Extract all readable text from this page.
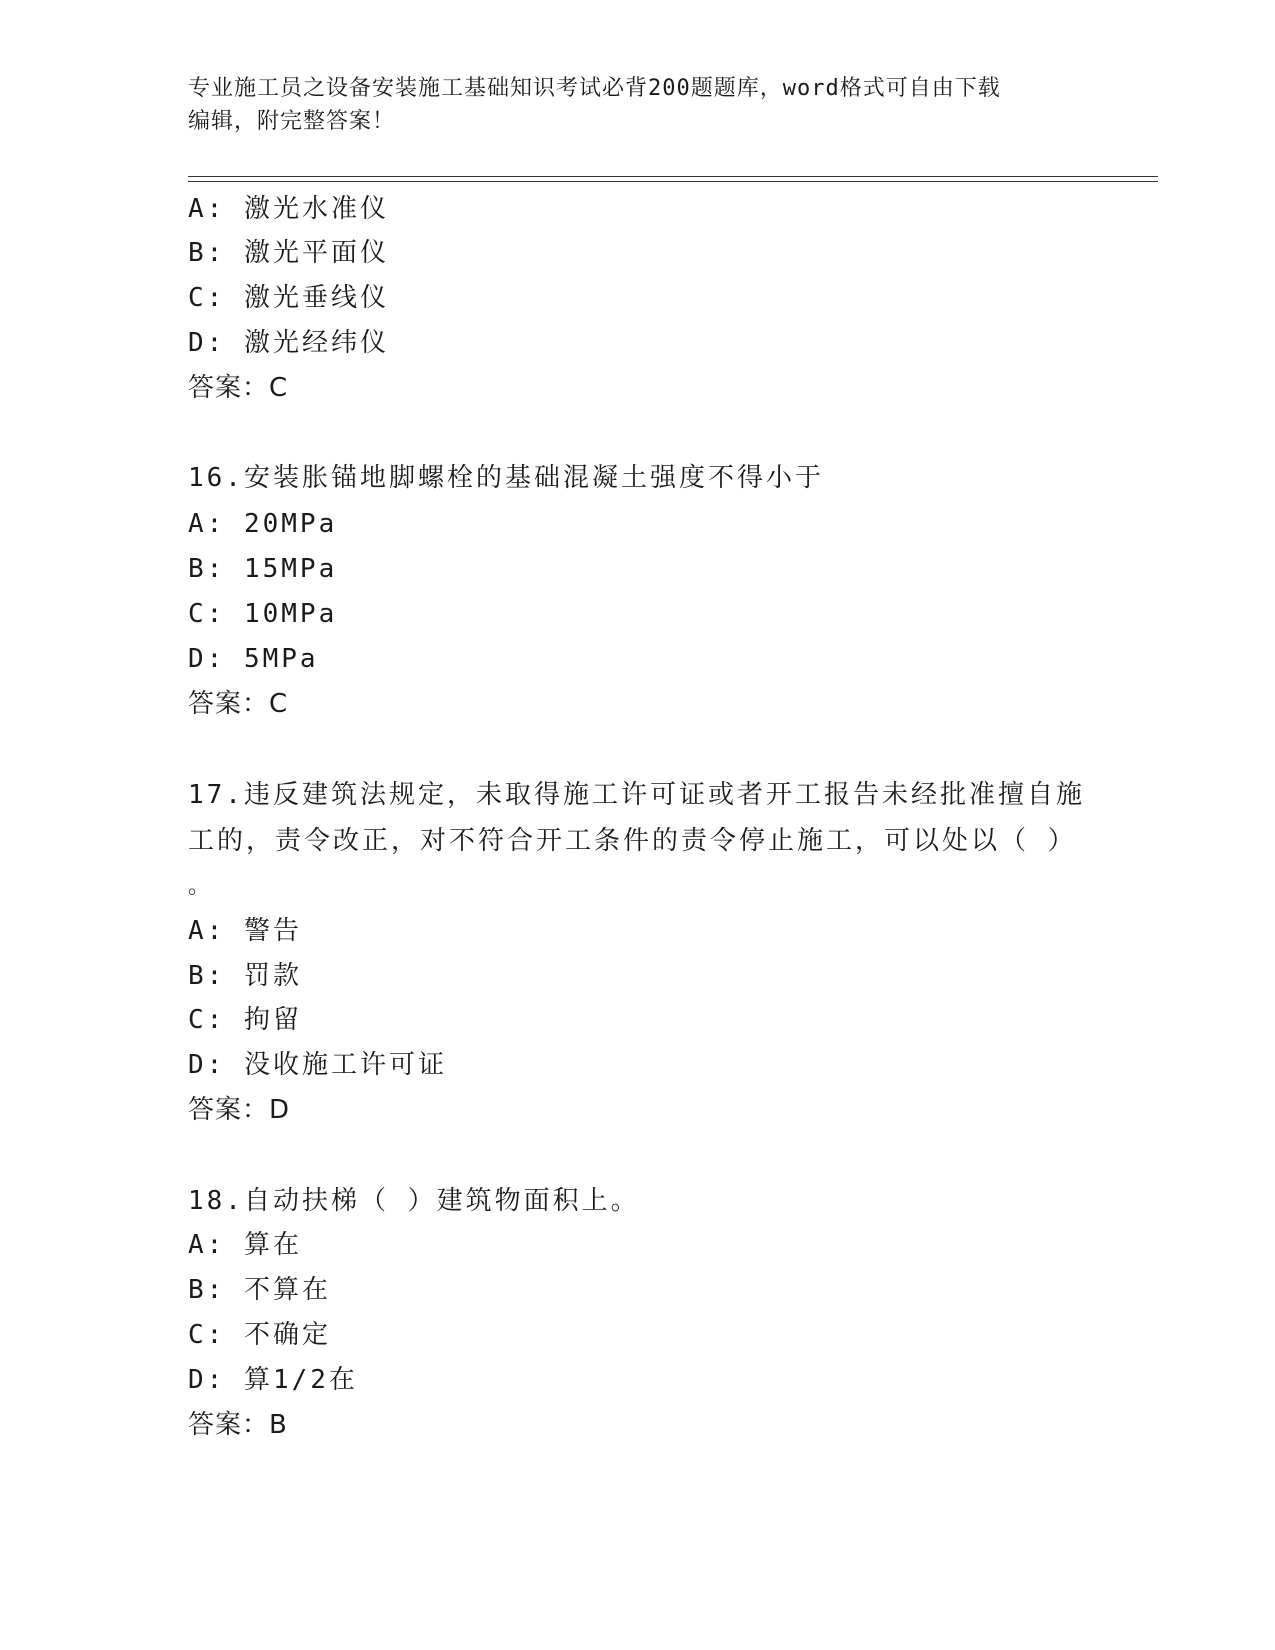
专业施工员之设备安装施工基础知识考试必背200题题库，word格式可自由下载
编辑，附完整答案！
A: 激光水准仪
B: 激光平面仪
C: 激光垂线仪
D: 激光经纬仪
答案：C
16.安装胀锚地脚螺栓的基础混凝土强度不得小于
A: 20MPa
B: 15MPa
C: 10MPa
D: 5MPa
答案：C
17.违反建筑法规定，未取得施工许可证或者开工报告未经批准擅自施
工的，责令改正，对不符合开工条件的责令停止施工，可以处以（ ）
。
A: 警告
B: 罚款
C: 拘留
D: 没收施工许可证
答案：D
18.自动扶梯（ ）建筑物面积上。
A: 算在
B: 不算在
C: 不确定
D: 算1/2在
答案：B
